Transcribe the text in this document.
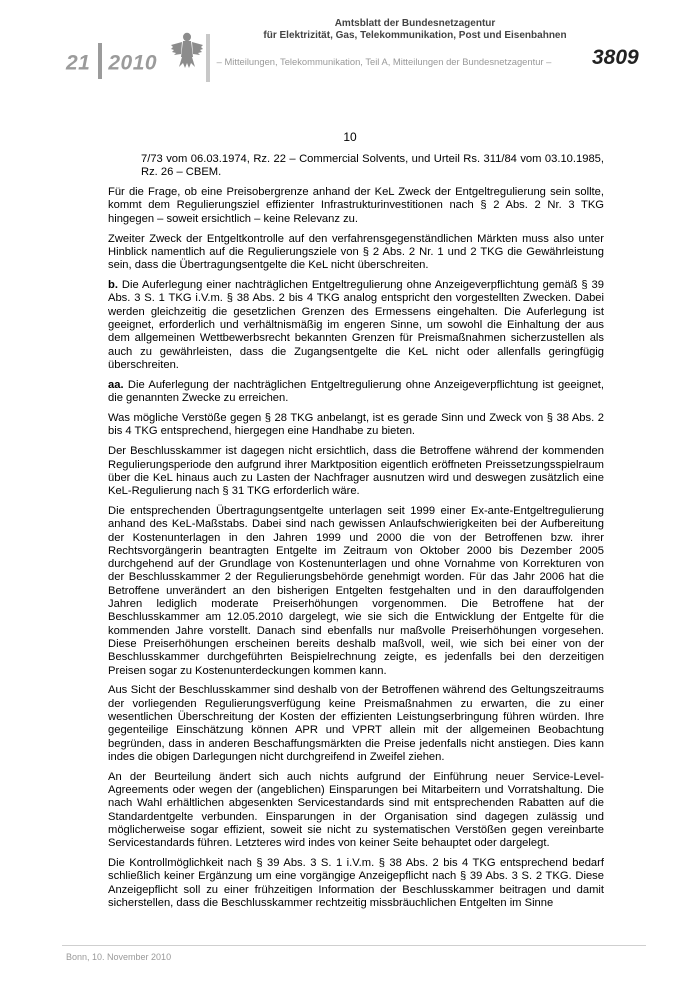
21 2010
Amtsblatt der Bundesnetzagentur
für Elektrizität, Gas, Telekommunikation, Post und Eisenbahnen
– Mitteilungen, Telekommunikation, Teil A, Mitteilungen der Bundesnetzagentur – 3809
10

7/73 vom 06.03.1974, Rz. 22 – Commercial Solvents, und Urteil Rs. 311/84 vom 03.10.1985, Rz. 26 – CBEM.

Für die Frage, ob eine Preisobergrenze anhand der KeL Zweck der Entgeltregulierung sein sollte, kommt dem Regulierungsziel effizienter Infrastrukturinvestitionen nach § 2 Abs. 2 Nr. 3 TKG hingegen – soweit ersichtlich – keine Relevanz zu.

Zweiter Zweck der Entgeltkontrolle auf den verfahrensgegenständlichen Märkten muss also unter Hinblick namentlich auf die Regulierungsziele von § 2 Abs. 2 Nr. 1 und 2 TKG die Gewährleistung sein, dass die Übertragungsentgelte die KeL nicht überschreiten.

b. Die Auferlegung einer nachträglichen Entgeltregulierung ohne Anzeigeverpflichtung gemäß § 39 Abs. 3 S. 1 TKG i.V.m. § 38 Abs. 2 bis 4 TKG analog entspricht den vorgestellten Zwecken. Dabei werden gleichzeitig die gesetzlichen Grenzen des Ermessens eingehalten. Die Auferlegung ist geeignet, erforderlich und verhältnismäßig im engeren Sinne, um sowohl die Einhaltung der aus dem allgemeinen Wettbewerbsrecht bekannten Grenzen für Preismaßnahmen sicherzustellen als auch zu gewährleisten, dass die Zugangsentgelte die KeL nicht oder allenfalls geringfügig überschreiten.

aa. Die Auferlegung der nachträglichen Entgeltregulierung ohne Anzeigeverpflichtung ist geeignet, die genannten Zwecke zu erreichen.

Was mögliche Verstöße gegen § 28 TKG anbelangt, ist es gerade Sinn und Zweck von § 38 Abs. 2 bis 4 TKG entsprechend, hiergegen eine Handhabe zu bieten.

Der Beschlusskammer ist dagegen nicht ersichtlich, dass die Betroffene während der kommenden Regulierungsperiode den aufgrund ihrer Marktposition eigentlich eröffneten Preissetzungsspielraum über die KeL hinaus auch zu Lasten der Nachfrager ausnutzen wird und deswegen zusätzlich eine KeL-Regulierung nach § 31 TKG erforderlich wäre.

Die entsprechenden Übertragungsentgelte unterlagen seit 1999 einer Ex-ante-Entgeltregulierung anhand des KeL-Maßstabs. Dabei sind nach gewissen Anlaufschwierigkeiten bei der Aufbereitung der Kostenunterlagen in den Jahren 1999 und 2000 die von der Betroffenen bzw. ihrer Rechtsvorgängerin beantragten Entgelte im Zeitraum von Oktober 2000 bis Dezember 2005 durchgehend auf der Grundlage von Kostenunterlagen und ohne Vornahme von Korrekturen von der Beschlusskammer 2 der Regulierungsbehörde genehmigt worden. Für das Jahr 2006 hat die Betroffene unverändert an den bisherigen Entgelten festgehalten und in den darauffolgenden Jahren lediglich moderate Preiserhöhungen vorgenommen. Die Betroffene hat der Beschlusskammer am 12.05.2010 dargelegt, wie sie sich die Entwicklung der Entgelte für die kommenden Jahre vorstellt. Danach sind ebenfalls nur maßvolle Preiserhöhungen vorgesehen. Diese Preiserhöhungen erscheinen bereits deshalb maßvoll, weil, wie sich bei einer von der Beschlusskammer durchgeführten Beispielrechnung zeigte, es jedenfalls bei den derzeitigen Preisen sogar zu Kostenunterdeckungen kommen kann.

Aus Sicht der Beschlusskammer sind deshalb von der Betroffenen während des Geltungszeitraums der vorliegenden Regulierungsverfügung keine Preismaßnahmen zu erwarten, die zu einer wesentlichen Überschreitung der Kosten der effizienten Leistungserbringung führen würden. Ihre gegenteilige Einschätzung können APR und VPRT allein mit der allgemeinen Beobachtung begründen, dass in anderen Beschaffungsmärkten die Preise jedenfalls nicht anstiegen. Dies kann indes die obigen Darlegungen nicht durchgreifend in Zweifel ziehen.

An der Beurteilung ändert sich auch nichts aufgrund der Einführung neuer Service-Level-Agreements oder wegen der (angeblichen) Einsparungen bei Mitarbeitern und Vorratshaltung. Die nach Wahl erhältlichen abgesenkten Servicestandards sind mit entsprechenden Rabatten auf die Standardentgelte verbunden. Einsparungen in der Organisation sind dagegen zulässig und möglicherweise sogar effizient, soweit sie nicht zu systematischen Verstößen gegen vereinbarte Servicestandards führen. Letzteres wird indes von keiner Seite behauptet oder dargelegt.

Die Kontrollmöglichkeit nach § 39 Abs. 3 S. 1 i.V.m. § 38 Abs. 2 bis 4 TKG entsprechend bedarf schließlich keiner Ergänzung um eine vorgängige Anzeigepflicht nach § 39 Abs. 3 S. 2 TKG. Diese Anzeigepflicht soll zu einer frühzeitigen Information der Beschlusskammer beitragen und damit sicherstellen, dass die Beschlusskammer rechtzeitig missbräuchlichen Entgelten im Sinne

Bonn, 10. November 2010
